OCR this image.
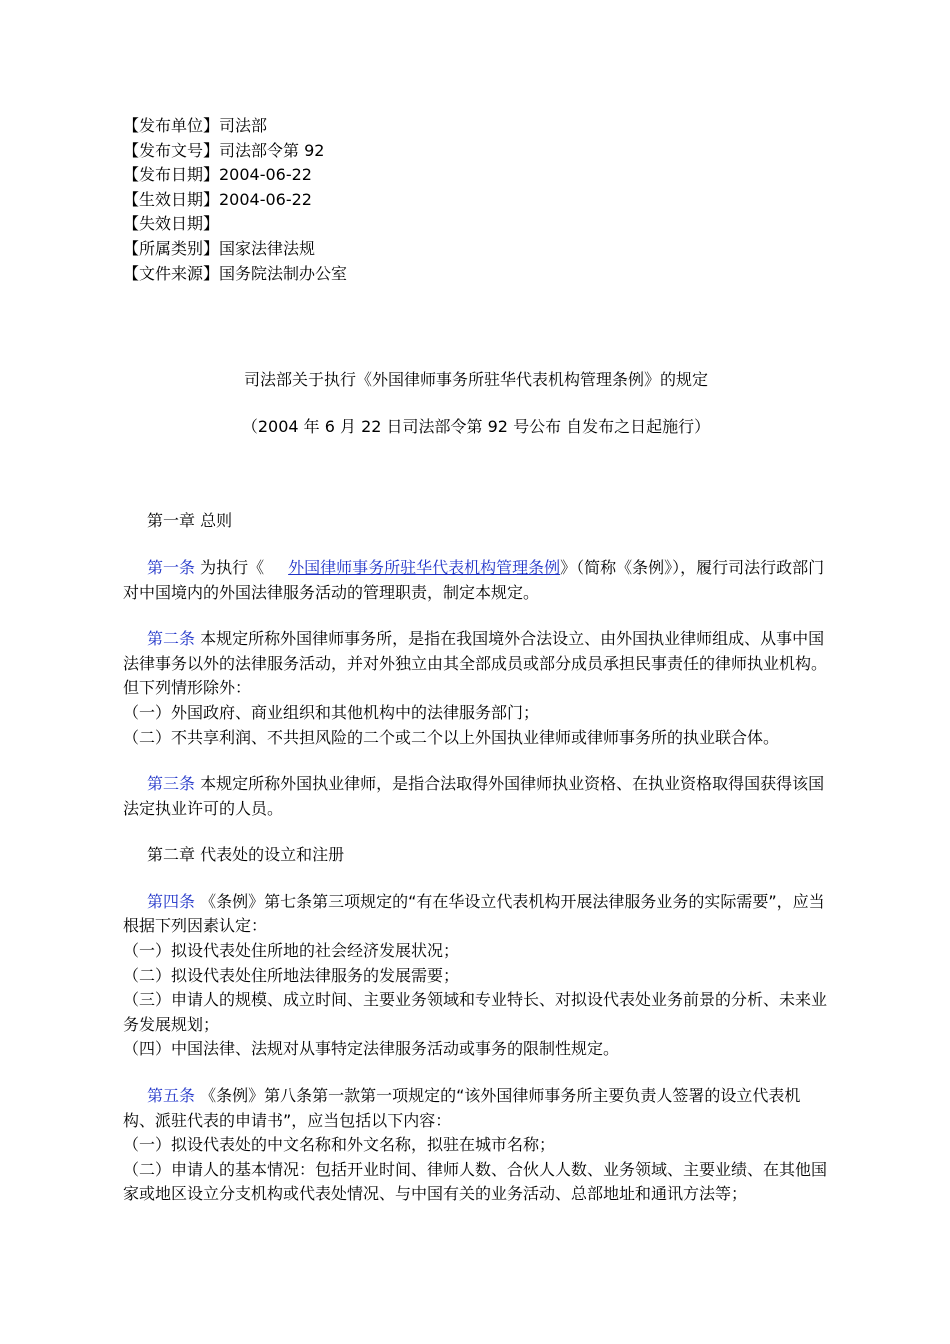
【发布单位】司法部

【发布文号】司法部令第 92

【发布日期】2004-06-22

【生效日期】2004-06-22

【失效日期】

【所属类别】国家法律法规

【文件来源】国务院法制办公室

司法部关于执行《外国律师事务所驻华代表机构管理条例》的规定

（2004 年 6 月 22 日司法部令第 92 号公布 自发布之日起施行）

第一章 总则

第一条 为执行《 外国律师事务所驻华代表机构管理条例》（简称《条例》），履行司法行政部门对中国境内的外国法律服务活动的管理职责，制定本规定。

第二条 本规定所称外国律师事务所，是指在我国境外合法设立、由外国执业律师组成、从事中国法律事务以外的法律服务活动，并对外独立由其全部成员或部分成员承担民事责任的律师执业机构。但下列情形除外：

（一）外国政府、商业组织和其他机构中的法律服务部门；

（二）不共享利润、不共担风险的二个或二个以上外国执业律师或律师事务所的执业联合体。

第三条 本规定所称外国执业律师，是指合法取得外国律师执业资格、在执业资格取得国获得该国法定执业许可的人员。

第二章 代表处的设立和注册

第四条 《条例》第七条第三项规定的“有在华设立代表机构开展法律服务业务的实际需要”，应当根据下列因素认定：

（一）拟设代表处住所地的社会经济发展状况；

（二）拟设代表处住所地法律服务的发展需要；

（三）申请人的规模、成立时间、主要业务领域和专业特长、对拟设代表处业务前景的分析、未来业务发展规划；

（四）中国法律、法规对从事特定法律服务活动或事务的限制性规定。

第五条 《条例》第八条第一款第一项规定的“该外国律师事务所主要负责人签署的设立代表机构、派驻代表的申请书”，应当包括以下内容：

（一）拟设代表处的中文名称和外文名称，拟驻在城市名称；

（二）申请人的基本情况：包括开业时间、律师人数、合伙人人数、业务领域、主要业绩、在其他国家或地区设立分支机构或代表处情况、与中国有关的业务活动、总部地址和通讯方法等；
